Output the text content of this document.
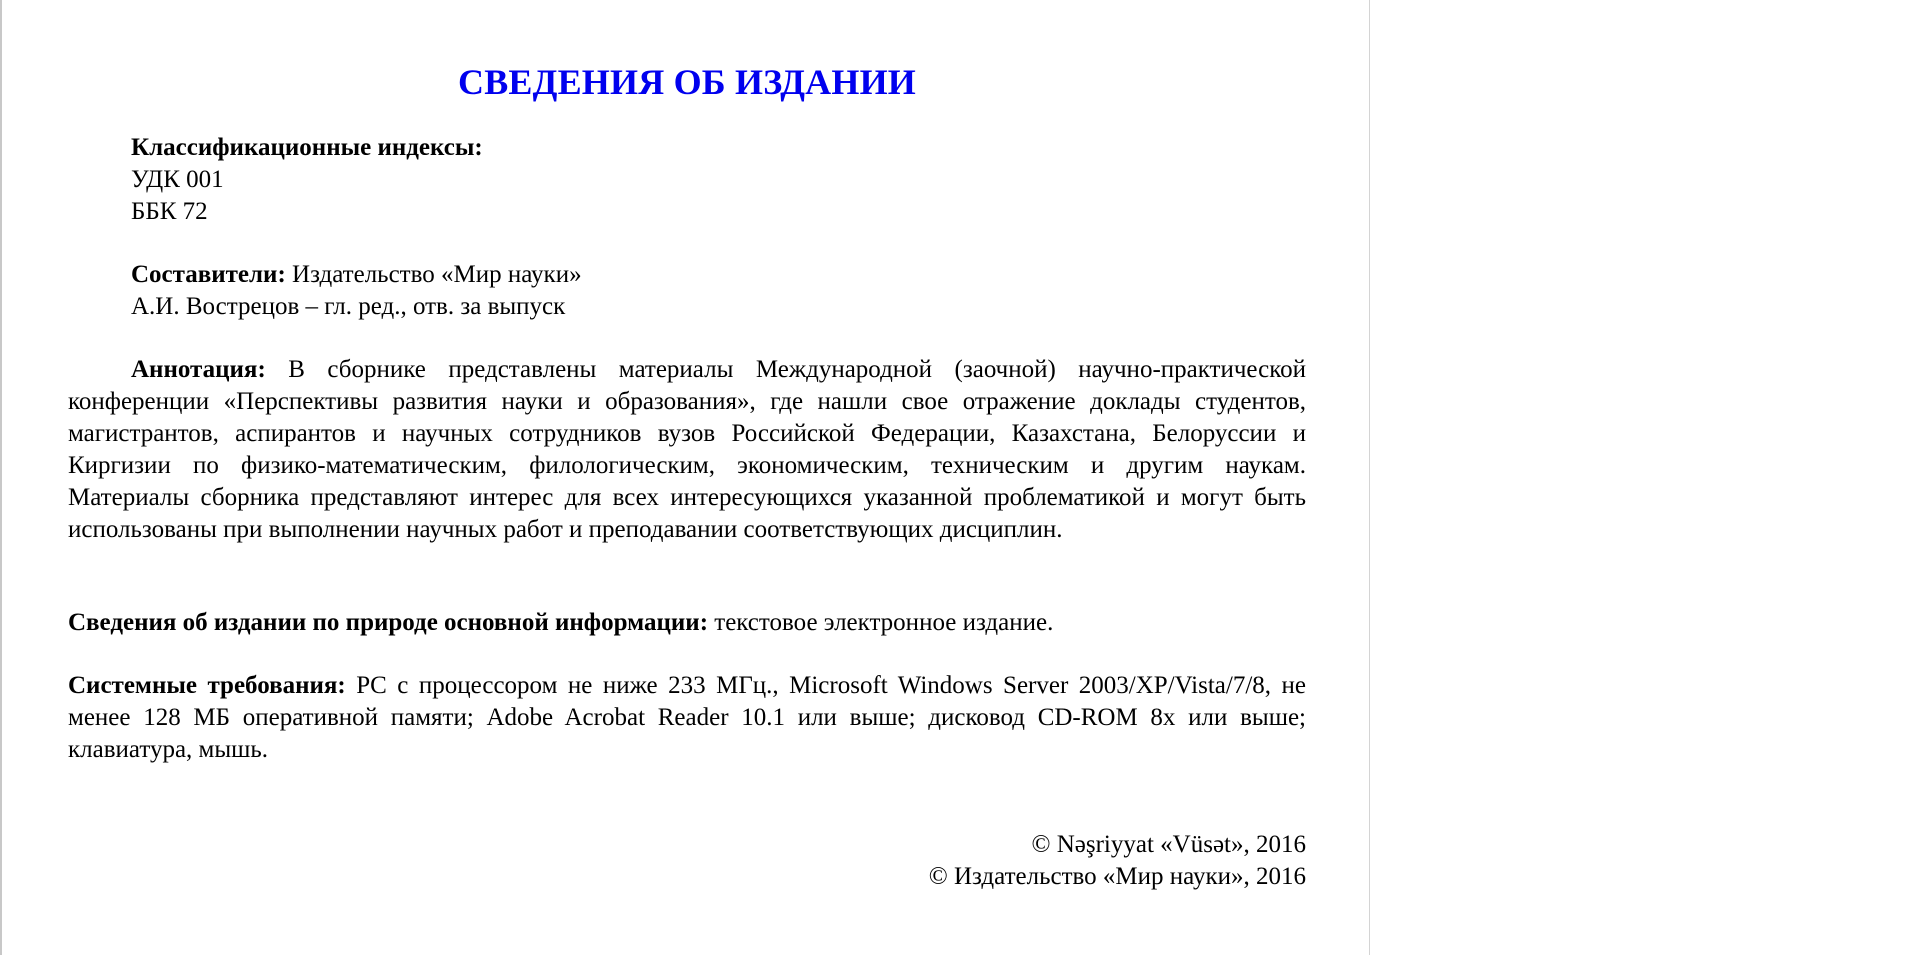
СВЕДЕНИЯ ОБ ИЗДАНИИ
Классификационные индексы:
УДК 001
ББК 72
Составители: Издательство «Мир науки»
А.И. Вострецов – гл. ред., отв. за выпуск
Аннотация: В сборнике представлены материалы Международной (заочной) научно-практической конференции «Перспективы развития науки и образования», где нашли свое отражение доклады студентов, магистрантов, аспирантов и научных сотрудников вузов Российской Федерации, Казахстана, Белоруссии и Киргизии по физико-математическим, филологическим, экономическим, техническим и другим наукам. Материалы сборника представляют интерес для всех интересующихся указанной проблематикой и могут быть использованы при выполнении научных работ и преподавании соответствующих дисциплин.
Сведения об издании по природе основной информации: текстовое электронное издание.
Системные требования: PC с процессором не ниже 233 МГц., Microsoft Windows Server 2003/XP/Vista/7/8, не менее 128 МБ оперативной памяти; Adobe Acrobat Reader 10.1 или выше; дисковод CD-ROM 8x или выше; клавиатура, мышь.
© Nəşriyyat «Vüsət», 2016
© Издательство «Мир науки», 2016
